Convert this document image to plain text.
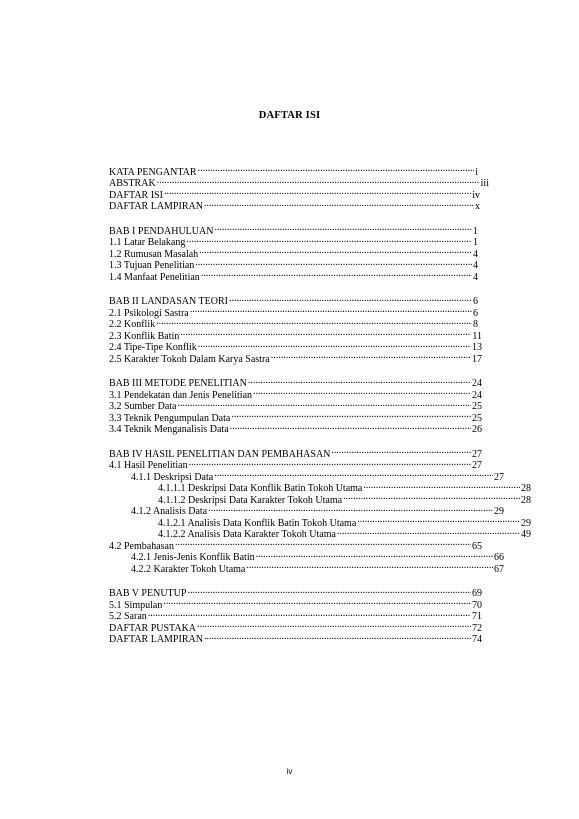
DAFTAR ISI
KATA PENGANTAR .....	i
ABSTRAK .....	iii
DAFTAR ISI .....	iv
DAFTAR LAMPIRAN .....	x
BAB I PENDAHULUAN .....	1
1.1 Latar Belakang .....	1
1.2 Rumusan Masalah .....	4
1.3 Tujuan Penelitian .....	4
1.4 Manfaat Penelitian .....	4
BAB II LANDASAN TEORI .....	6
2.1 Psikologi Sastra .....	6
2.2 Konflik .....	8
2.3 Konflik Batin .....	11
2.4 Tipe-Tipe Konflik .....	13
2.5 Karakter Tokoh Dalam Karya Sastra .....	17
BAB III METODE PENELITIAN .....	24
3.1 Pendekatan dan Jenis Penelitian .....	24
3.2 Sumber Data .....	25
3.3 Teknik Pengumpulan Data .....	25
3.4 Teknik Menganalisis Data .....	26
BAB IV HASIL PENELITIAN DAN PEMBAHASAN .....	27
4.1 Hasil Penelitian .....	27
4.1.1 Deskripsi Data .....	27
4.1.1.1 Deskripsi Data Konflik Batin Tokoh Utama .....	28
4.1.1.2 Deskripsi Data Karakter Tokoh Utama .....	28
4.1.2 Analisis Data .....	29
4.1.2.1 Analisis Data Konflik Batin Tokoh Utama .....	29
4.1.2.2 Analisis Data Karakter Tokoh Utama .....	49
4.2 Pembahasan .....	65
4.2.1 Jenis-Jenis Konflik Batin .....	66
4.2.2 Karakter Tokoh Utama .....	67
BAB V PENUTUP .....	69
5.1 Simpulan .....	70
5.2 Saran .....	71
DAFTAR PUSTAKA .....	72
DAFTAR LAMPIRAN .....	74
iv
